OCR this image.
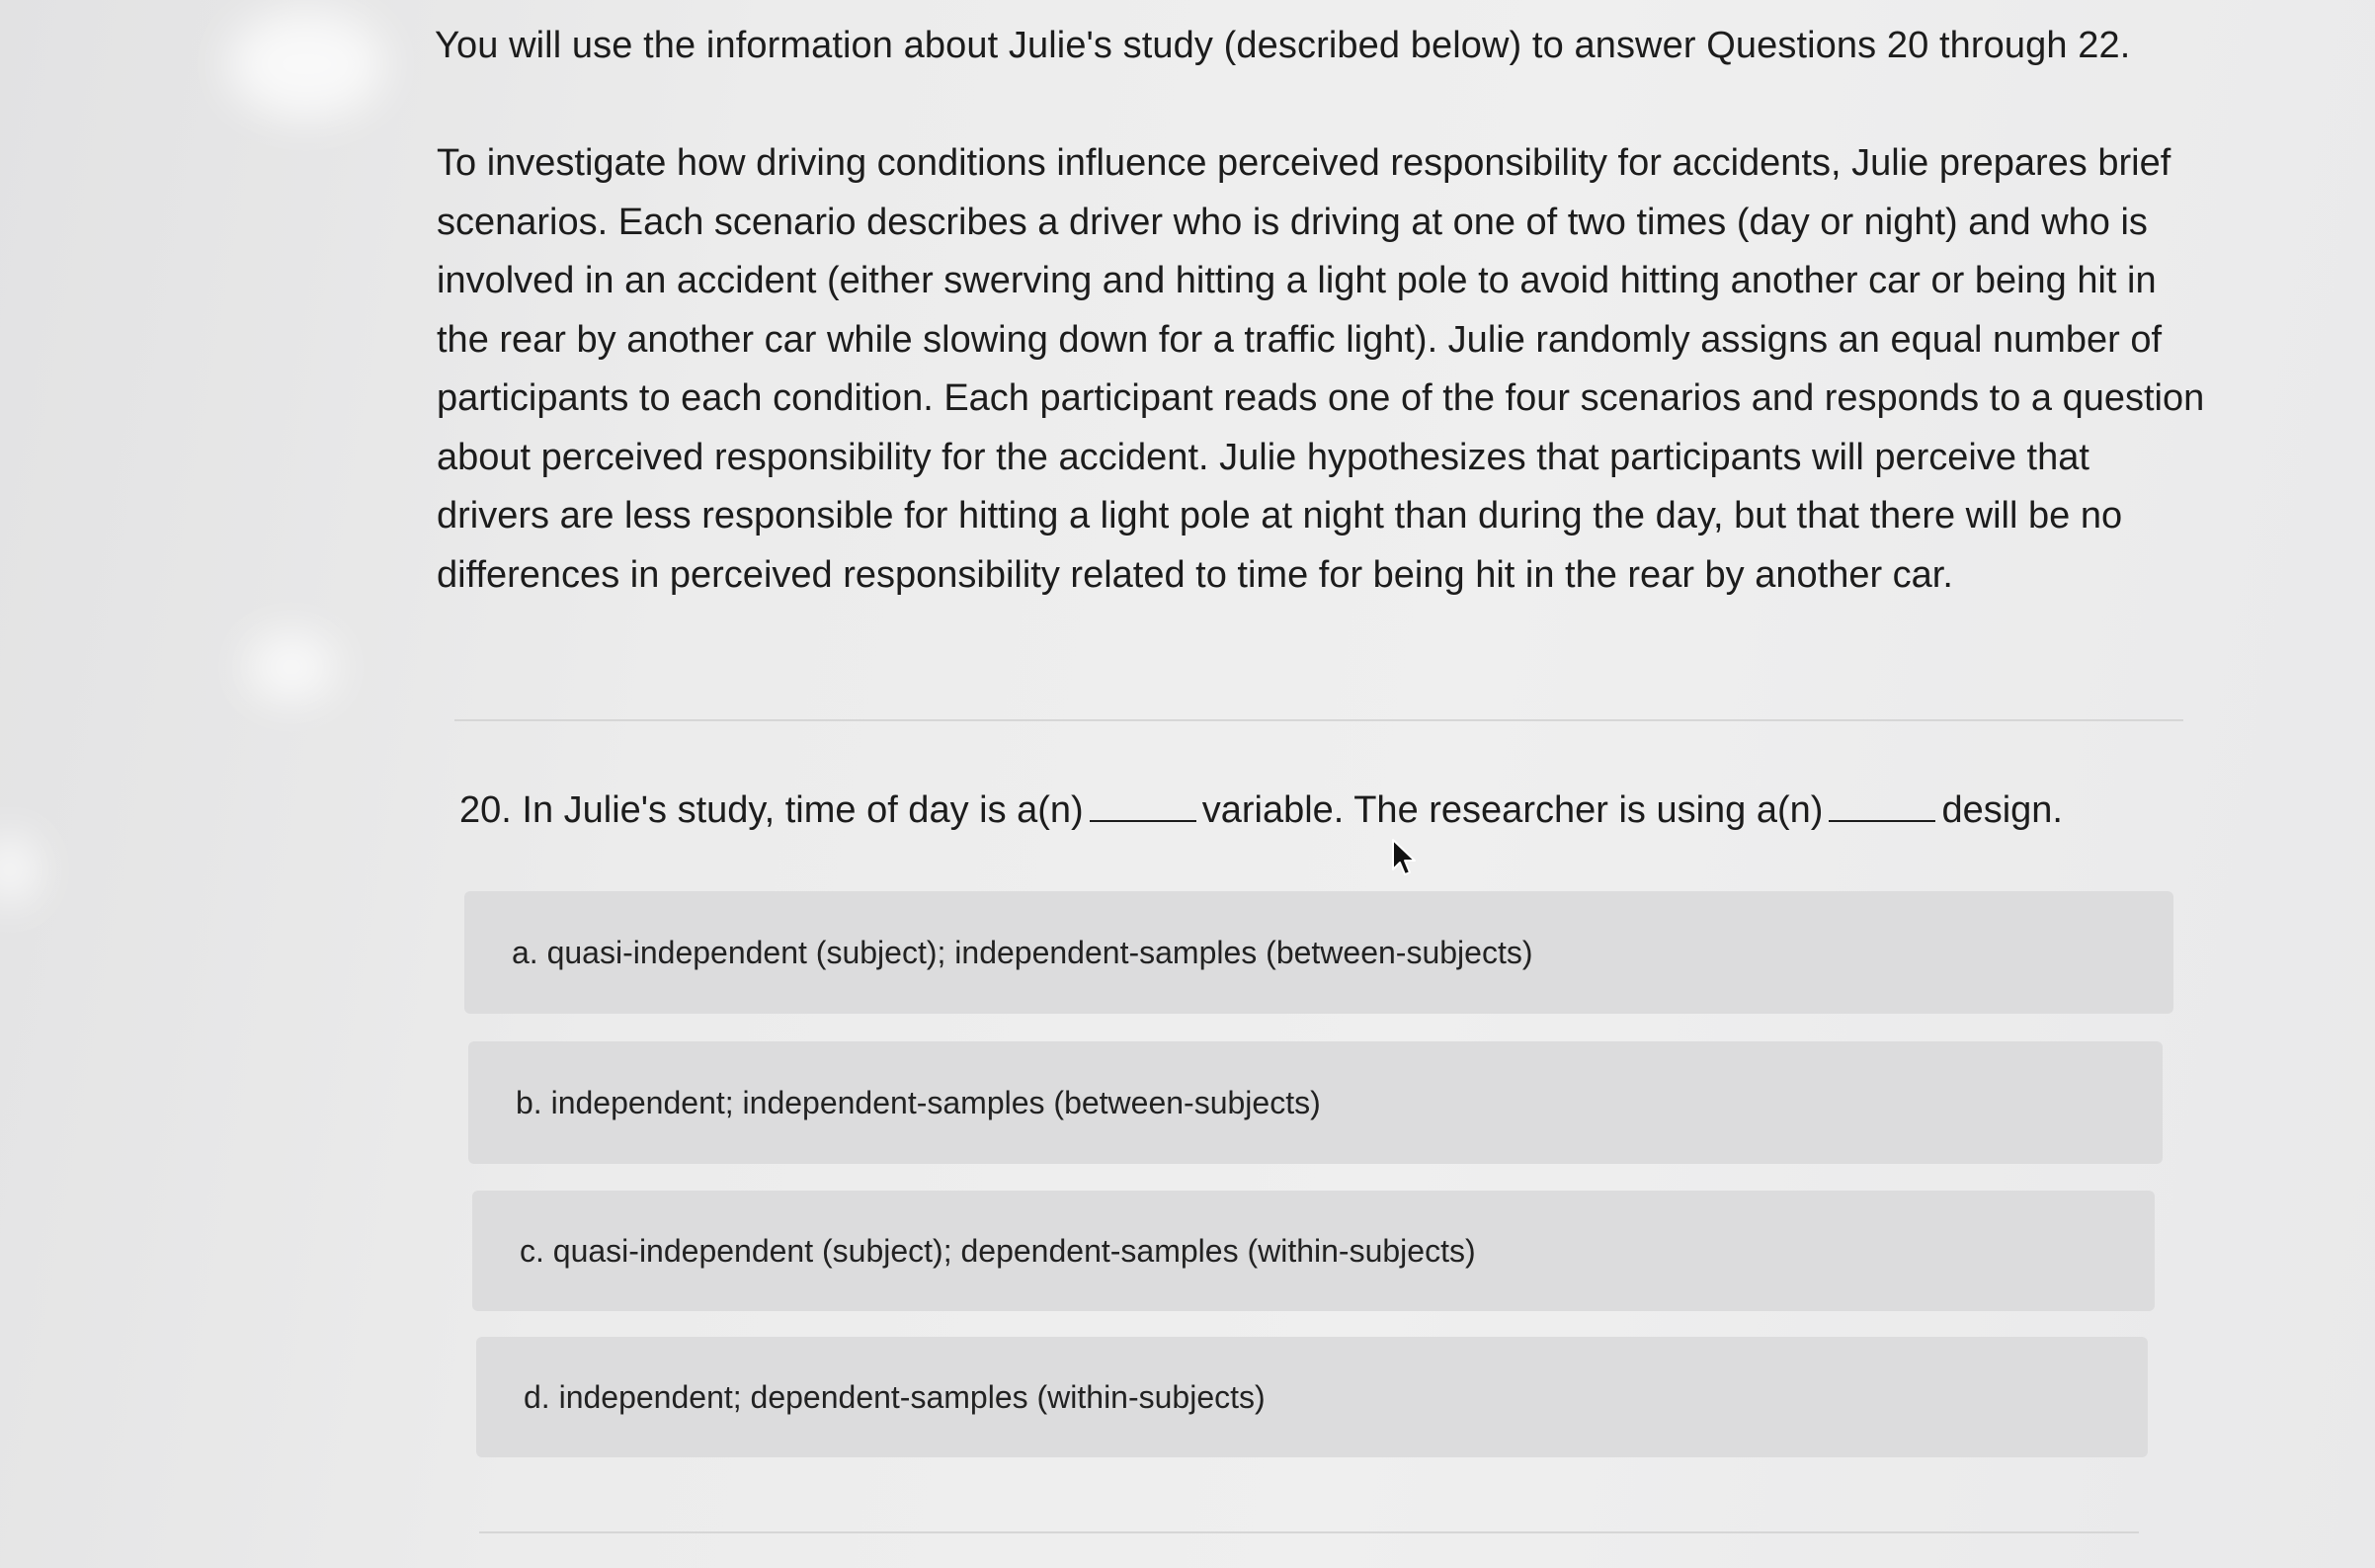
You will use the information about Julie's study (described below) to answer Questions 20 through 22.

To investigate how driving conditions influence perceived responsibility for accidents, Julie prepares brief scenarios. Each scenario describes a driver who is driving at one of two times (day or night) and who is involved in an accident (either swerving and hitting a light pole to avoid hitting another car or being hit in the rear by another car while slowing down for a traffic light). Julie randomly assigns an equal number of participants to each condition. Each participant reads one of the four scenarios and responds to a question about perceived responsibility for the accident. Julie hypothesizes that participants will perceive that drivers are less responsible for hitting a light pole at night than during the day, but that there will be no differences in perceived responsibility related to time for being hit in the rear by another car.

20. In Julie's study, time of day is a(n)	variable. The researcher is using a(n)	design.
a. quasi-independent (subject); independent-samples (between-subjects)
b. independent; independent-samples (between-subjects)
c. quasi-independent (subject); dependent-samples (within-subjects)
d. independent; dependent-samples (within-subjects)
